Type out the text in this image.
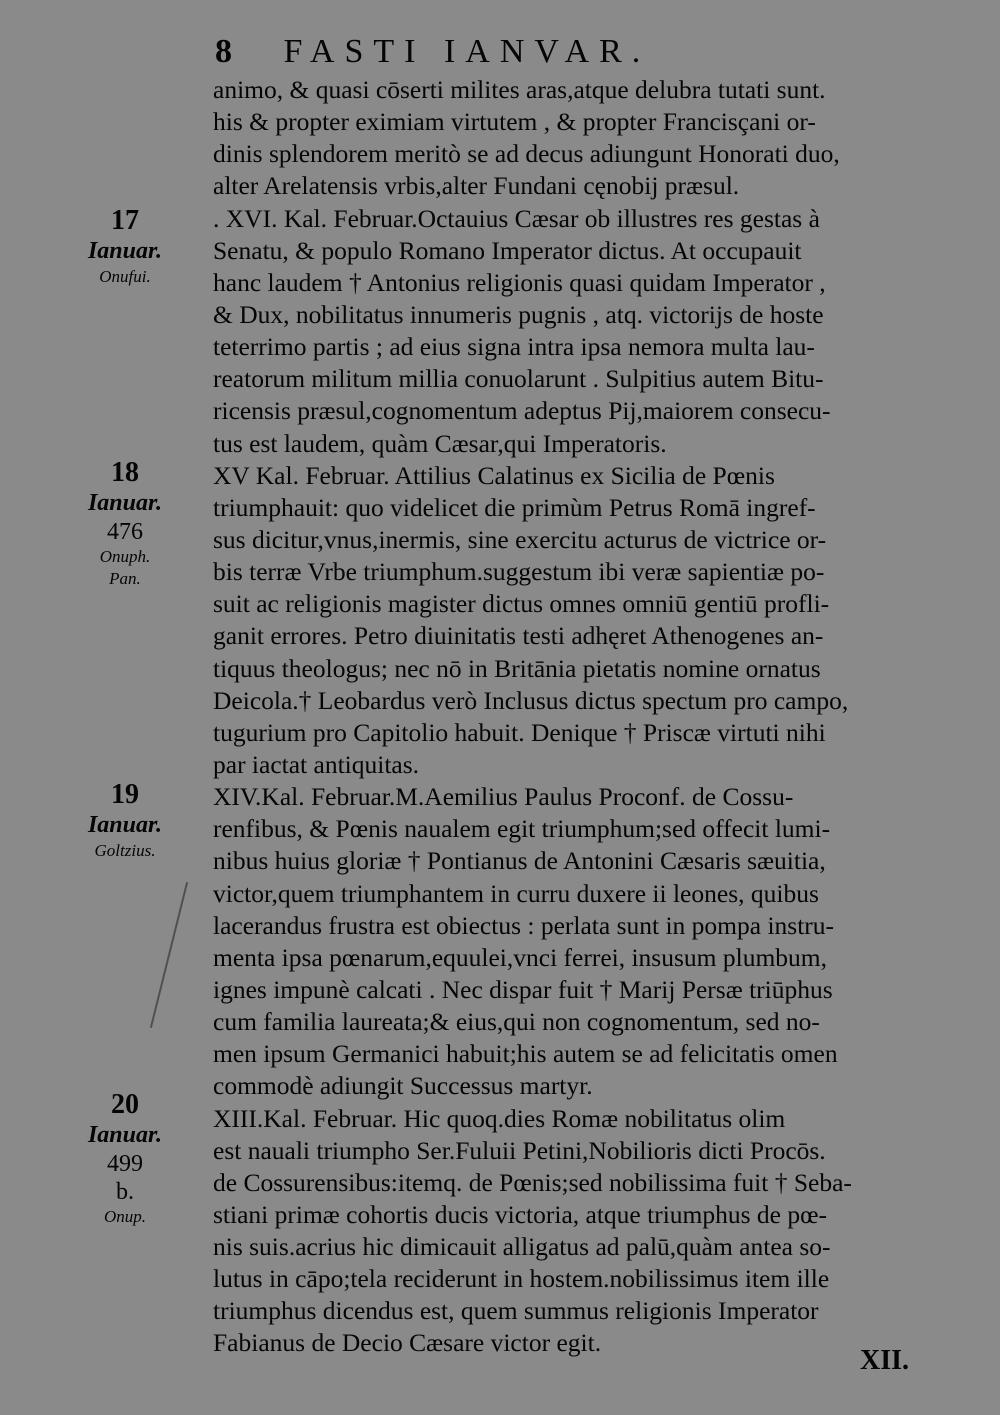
8 FASTI IANVAR.
17
Ianuar.
Onufui.
18
Ianuar.
476
Onuph.
Pan.
19
Ianuar.
Goltzius.
20
Ianuar.
499
b.
Onup.
animo, & quasi cōserti milites aras,atque delubra tutati sunt.
his & propter eximiam virtutem , & propter Francisçani or-
dinis splendorem meritò se ad decus adiungunt Honorati duo,
alter Arelatensis vrbis,alter Fundani cęnobij præsul.
. XVI. Kal. Februar.Octauius Cæsar ob illustres res gestas à
Senatu, & populo Romano Imperator dictus. At occupauit
hanc laudem † Antonius religionis quasi quidam Imperator ,
& Dux, nobilitatus innumeris pugnis , atq. victorijs de hoste
teterrimo partis ; ad eius signa intra ipsa nemora multa lau-
reatorum militum millia conuolarunt . Sulpitius autem Bitu-
ricensis præsul,cognomentum adeptus Pij,maiorem consecu-
tus est laudem, quàm Cæsar,qui Imperatoris.
XV Kal. Februar. Attilius Calatinus ex Sicilia de Pœnis
triumphauit: quo videlicet die primùm Petrus Romā ingref-
sus dicitur,vnus,inermis, sine exercitu acturus de victrice or-
bis terræ Vrbe triumphum.suggestum ibi veræ sapientiæ po-
suit ac religionis magister dictus omnes omniū gentiū profli-
ganit errores. Petro diuinitatis testi adhęret Athenogenes an-
tiquus theologus; nec nō in Britānia pietatis nomine ornatus
Deicola.† Leobardus verò Inclusus dictus spectum pro campo,
tugurium pro Capitolio habuit. Denique † Priscæ virtuti nihi
par iactat antiquitas.
XIV.Kal. Februar.M.Aemilius Paulus Proconf. de Cossu-
renfibus, & Pœnis naualem egit triumphum;sed offecit lumi-
nibus huius gloriæ † Pontianus de Antonini Cæsaris sæuitia,
victor,quem triumphantem in curru duxere ii leones, quibus
lacerandus frustra est obiectus : perlata sunt in pompa instru-
menta ipsa pœnarum,equulei,vnci ferrei, insusum plumbum,
ignes impunè calcati . Nec dispar fuit † Marij Persæ triūphus
cum familia laureata;& eius,qui non cognomentum, sed no-
men ipsum Germanici habuit;his autem se ad felicitatis omen
commodè adiungit Successus martyr.
XIII.Kal. Februar. Hic quoq.dies Romæ nobilitatus olim
est nauali triumpho Ser.Fuluii Petini,Nobilioris dicti Procōs.
de Cossurensibus:itemq. de Pœnis;sed nobilissima fuit † Seba-
stiani primæ cohortis ducis victoria, atque triumphus de pœ-
nis suis.acrius hic dimicauit alligatus ad palū,quàm antea so-
lutus in cāpo;tela reciderunt in hostem.nobilissimus item ille
triumphus dicendus est, quem summus religionis Imperator
Fabianus de Decio Cæsare victor egit.
XII.
